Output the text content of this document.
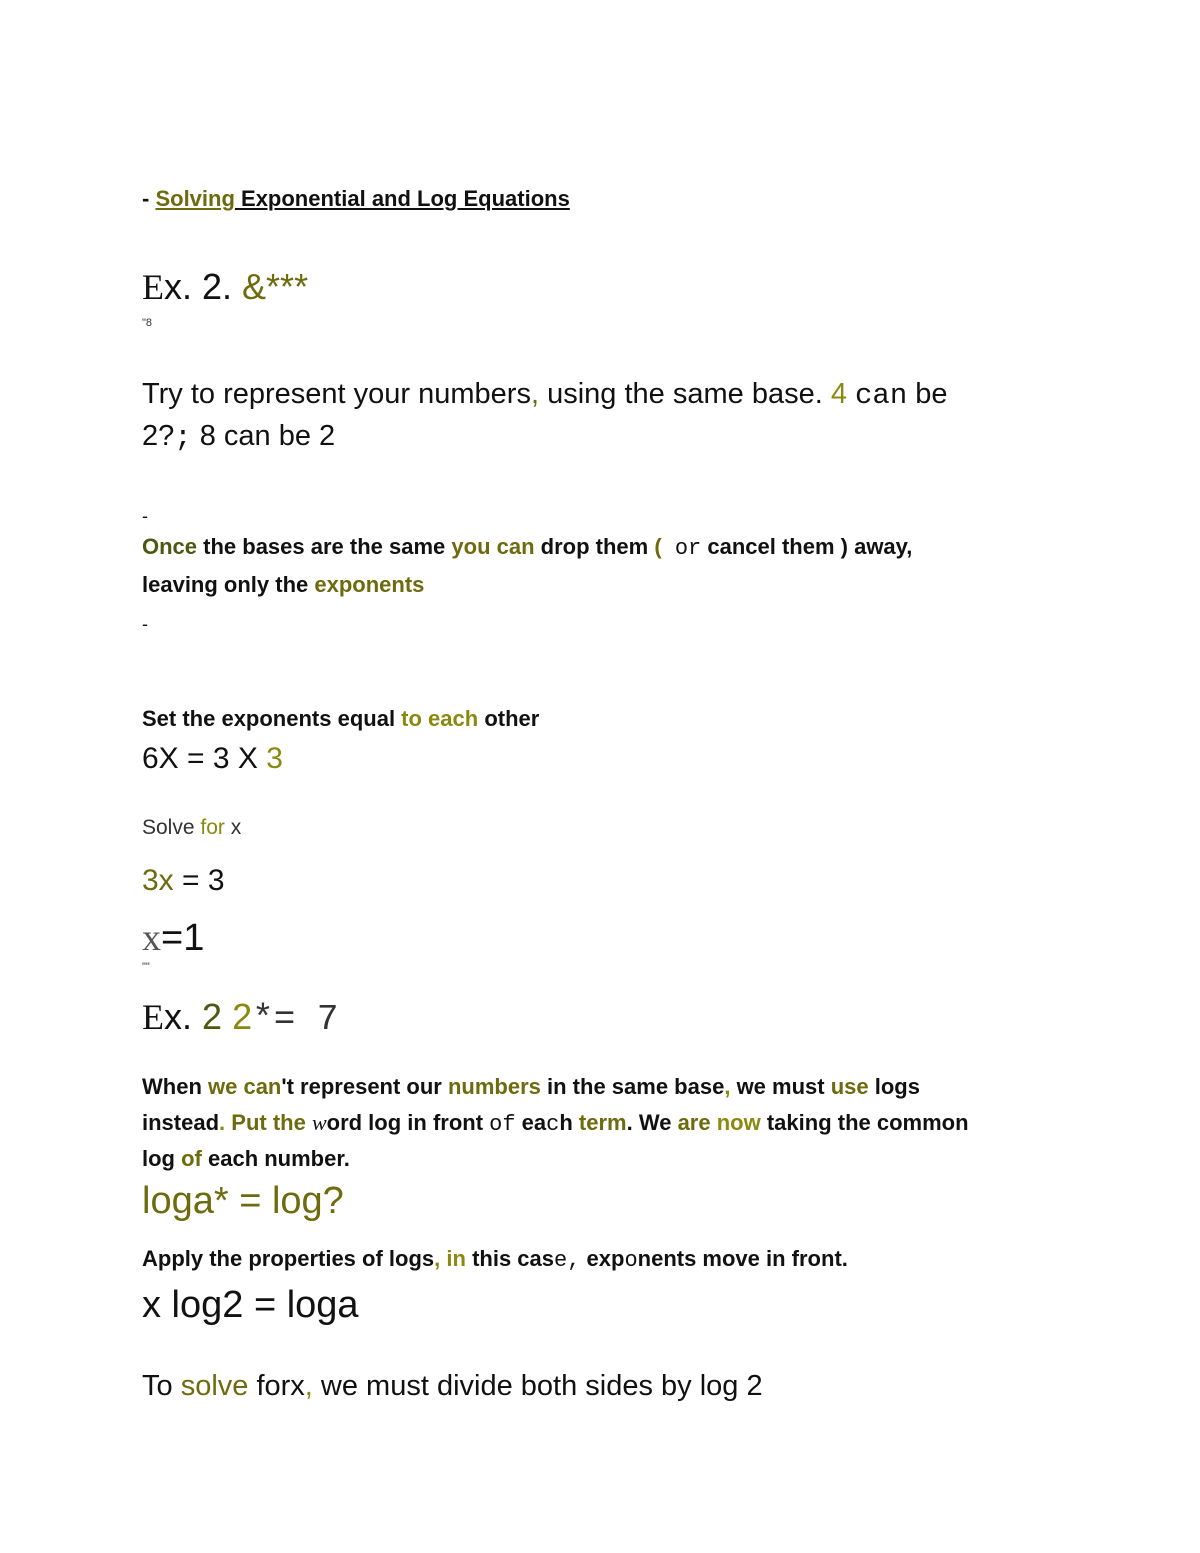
- Solving Exponential and Log Equations
Ex. 2. &***
"​8
Try to represent your numbers, using the same base. 4 can be
2?; 8 can be 2
-
Once the bases are the same you can drop them ( or cancel them ) away,
leaving only the exponents
-
Set the exponents equal to each other
6X = 3 X 3
Solve for x
3x = 3
x=1
""
Ex. 2 2*= 7
When we can't represent our numbers in the same base, we must use logs
instead. Put the word log in front of each term. We are now taking the common
log of each number.
loga* = log?
Apply the properties of logs, in this case, exponents move in front.
x log2 = loga
To solve forx, we must divide both sides by log 2
